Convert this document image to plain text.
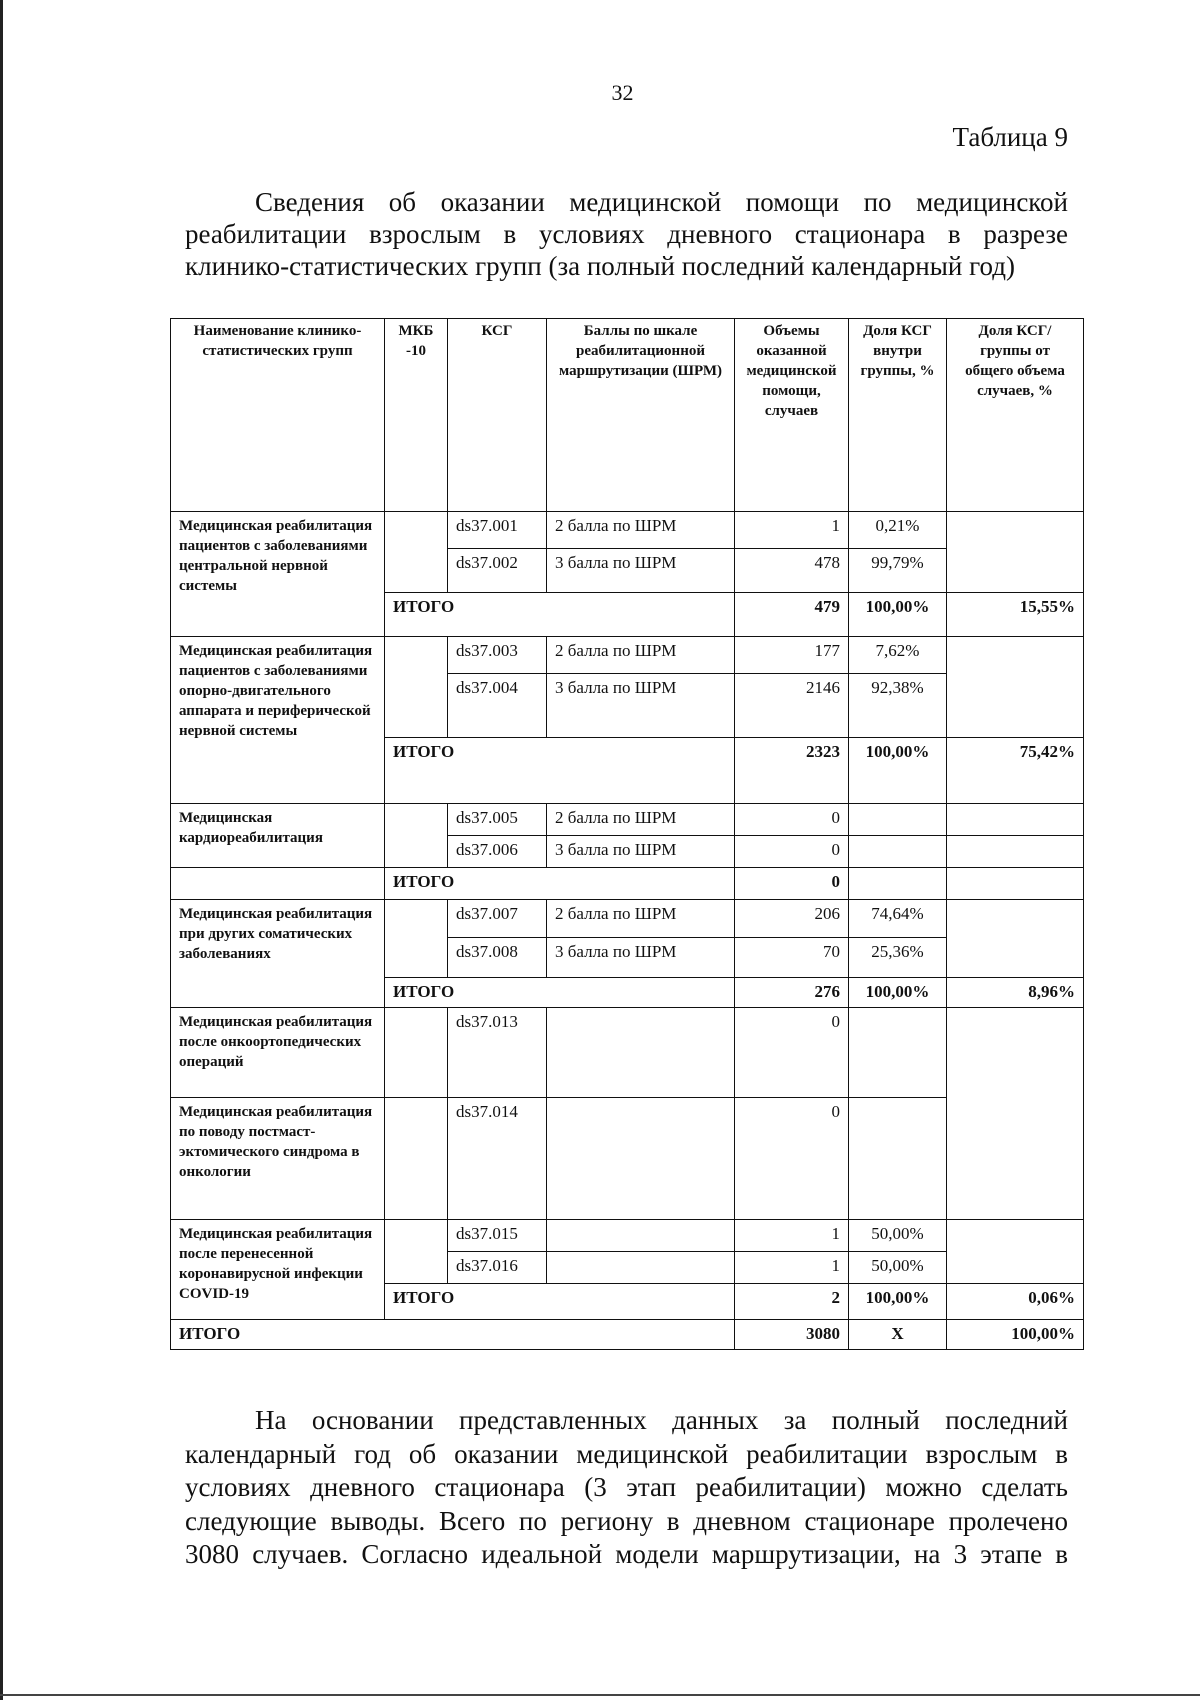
32
Таблица 9
Сведения об оказании медицинской помощи по медицинской
реабилитации взрослым в условиях дневного стационара в разрезе
клинико-статистических групп (за полный последний календарный год)
Наименование клинико-статистических групп	МКБ -10	КСГ	Баллы по шкале реабилитационной маршрутизации (ШРМ)	Объемы оказанной медицинской помощи, случаев	Доля КСГ внутри группы, %	Доля КСГ/группы от общего объема случаев, %
Медицинская реабилитация пациентов с заболеваниями центральной нервной системы		ds37.001	2 балла по ШРМ	1	0,21%	
		ds37.002	3 балла по ШРМ	478	99,79%	
	ИТОГО			479	100,00%	15,55%
Медицинская реабилитация пациентов с заболеваниями опорно-двигательного аппарата и периферической нервной системы		ds37.003	2 балла по ШРМ	177	7,62%	
		ds37.004	3 балла по ШРМ	2146	92,38%	
	ИТОГО			2323	100,00%	75,42%
Медицинская кардиореабилитация		ds37.005	2 балла по ШРМ	0		
		ds37.006	3 балла по ШРМ	0		
	ИТОГО			0		
Медицинская реабилитация при других соматических заболеваниях		ds37.007	2 балла по ШРМ	206	74,64%	
		ds37.008	3 балла по ШРМ	70	25,36%	
	ИТОГО			276	100,00%	8,96%
Медицинская реабилитация после онкоортопедических операций		ds37.013		0		
Медицинская реабилитация по поводу постмаст-эктомического синдрома в онкологии		ds37.014		0		
Медицинская реабилитация после перенесенной коронавирусной инфекции COVID-19		ds37.015		1	50,00%	
		ds37.016		1	50,00%	
	ИТОГО			2	100,00%	0,06%
ИТОГО				3080	Х	100,00%

На основании представленных данных за полный последний календарный год об оказании медицинской реабилитации взрослым в условиях дневного стационара (3 этап реабилитации) можно сделать следующие выводы. Всего по региону в дневном стационаре пролечено 3080 случаев. Согласно идеальной модели маршрутизации, на 3 этапе в
